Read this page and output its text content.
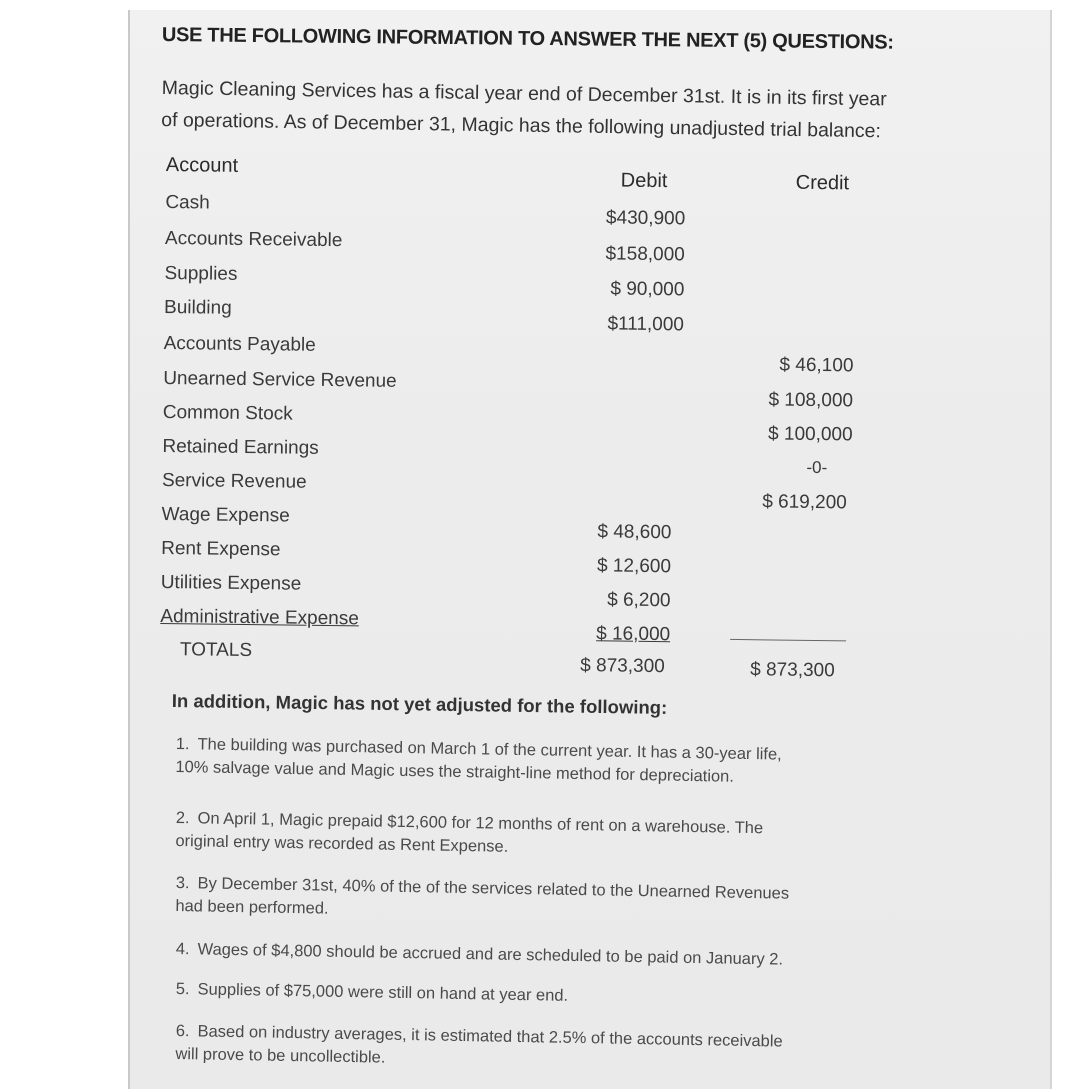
USE THE FOLLOWING INFORMATION TO ANSWER THE NEXT (5) QUESTIONS:
Magic Cleaning Services has a fiscal year end of December 31st. It is in its first year
of operations. As of December 31, Magic has the following unadjusted trial balance:
Account
Debit	Credit
Cash
$430,900
Accounts Receivable
$158,000
Supplies
$ 90,000
Building
$111,000
Accounts Payable
$ 46,100
Unearned Service Revenue
$ 108,000
Common Stock
$ 100,000
Retained Earnings
-0-
Service Revenue
$ 619,200
Wage Expense
$ 48,600
Rent Expense
$ 12,600
Utilities Expense
$ 6,200
Administrative Expense
$ 16,000
TOTALS
$ 873,300	$ 873,300
In addition, Magic has not yet adjusted for the following:
1. The building was purchased on March 1 of the current year. It has a 30-year life,
10% salvage value and Magic uses the straight-line method for depreciation.
2. On April 1, Magic prepaid $12,600 for 12 months of rent on a warehouse. The
original entry was recorded as Rent Expense.
3. By December 31st, 40% of the of the services related to the Unearned Revenues
had been performed.
4. Wages of $4,800 should be accrued and are scheduled to be paid on January 2.
5. Supplies of $75,000 were still on hand at year end.
6. Based on industry averages, it is estimated that 2.5% of the accounts receivable
will prove to be uncollectible.
